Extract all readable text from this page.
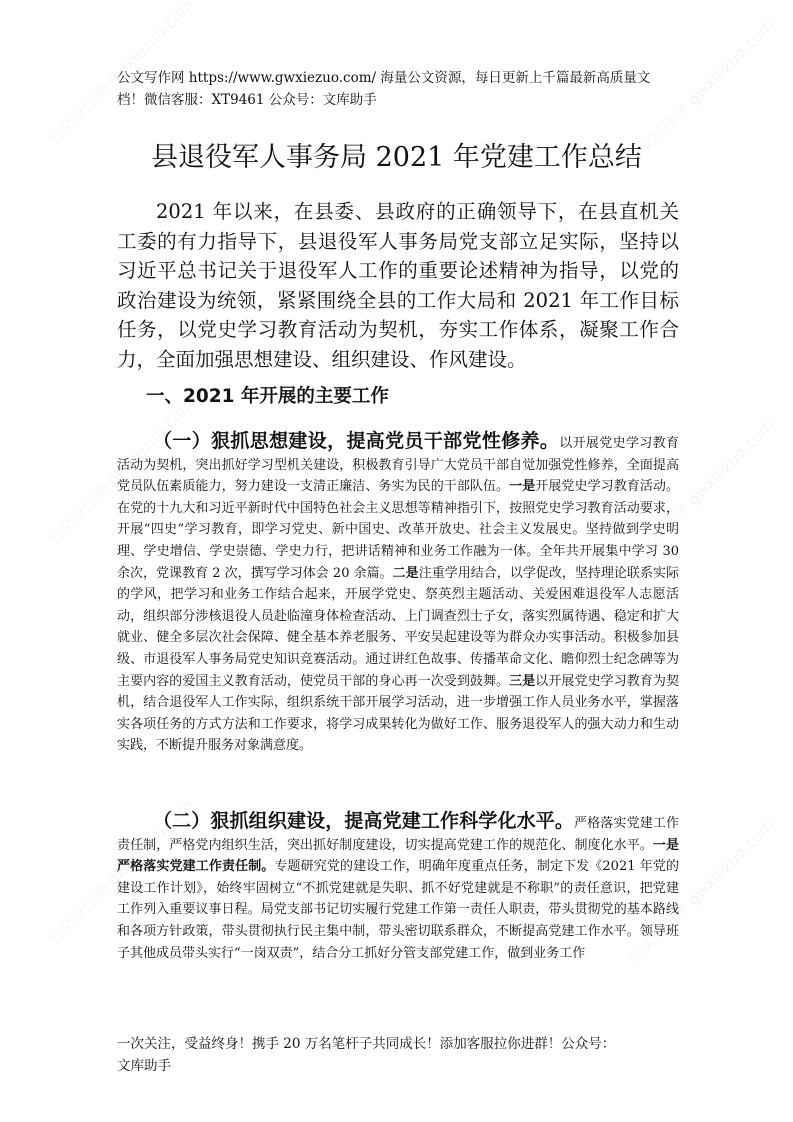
公文写作网 https://www.gwxiezuo.com/ 海量公文资源，每日更新上千篇最新高质量文
档！微信客服：XT9461 公众号：文库助手
县退役军人事务局 2021 年党建工作总结
2021 年以来，在县委、县政府的正确领导下，在县直机关工委的有力指导下，县退役军人事务局党支部立足实际，坚持以习近平总书记关于退役军人工作的重要论述精神为指导，以党的政治建设为统领，紧紧围绕全县的工作大局和 2021 年工作目标任务，以党史学习教育活动为契机，夯实工作体系，凝聚工作合力，全面加强思想建设、组织建设、作风建设。
一、2021 年开展的主要工作
（一）狠抓思想建设，提高党员干部党性修养。以开展党史学习教育活动为契机，突出抓好学习型机关建设，积极教育引导广大党员干部自觉加强党性修养，全面提高党员队伍素质能力，努力建设一支清正廉洁、务实为民的干部队伍。一是开展党史学习教育活动。在党的十九大和习近平新时代中国特色社会主义思想等精神指引下，按照党史学习教育活动要求，开展“四史”学习教育，即学习党史、新中国史、改革开放史、社会主义发展史。坚持做到学史明理、学史增信、学史崇德、学史力行，把讲话精神和业务工作融为一体。全年共开展集中学习 30 余次，党课教育 2 次，撰写学习体会 20 余篇。二是注重学用结合，以学促改，坚持理论联系实际的学风，把学习和业务工作结合起来，开展学党史、祭英烈主题活动、关爱困难退役军人志愿活动，组织部分涉核退役人员赴临潼身体检查活动、上门调查烈士子女，落实烈属待遇、稳定和扩大就业、健全多层次社会保障、健全基本养老服务、平安吴起建设等为群众办实事活动。积极参加县级、市退役军人事务局党史知识竞赛活动。通过讲红色故事、传播革命文化、瞻仰烈士纪念碑等为主要内容的爱国主义教育活动，使党员干部的身心再一次受到鼓舞。三是以开展党史学习教育为契机，结合退役军人工作实际，组织系统干部开展学习活动，进一步增强工作人员业务水平，掌握落实各项任务的方式方法和工作要求，将学习成果转化为做好工作、服务退役军人的强大动力和生动实践，不断提升服务对象满意度。
（二）狠抓组织建设，提高党建工作科学化水平。严格落实党建工作责任制，严格党内组织生活，突出抓好制度建设，切实提高党建工作的规范化、制度化水平。一是严格落实党建工作责任制。专题研究党的建设工作，明确年度重点任务，制定下发《2021 年党的建设工作计划》，始终牢固树立“不抓党建就是失职、抓不好党建就是不称职”的责任意识，把党建工作列入重要议事日程。局党支部书记切实履行党建工作第一责任人职责，带头贯彻党的基本路线和各项方针政策，带头贯彻执行民主集中制，带头密切联系群众，不断提高党建工作水平。领导班子其他成员带头实行“一岗双责”，结合分工抓好分管支部党建工作，做到业务工作
一次关注，受益终身！携手 20 万名笔杆子共同成长！添加客服拉你进群！公众号：
文库助手
